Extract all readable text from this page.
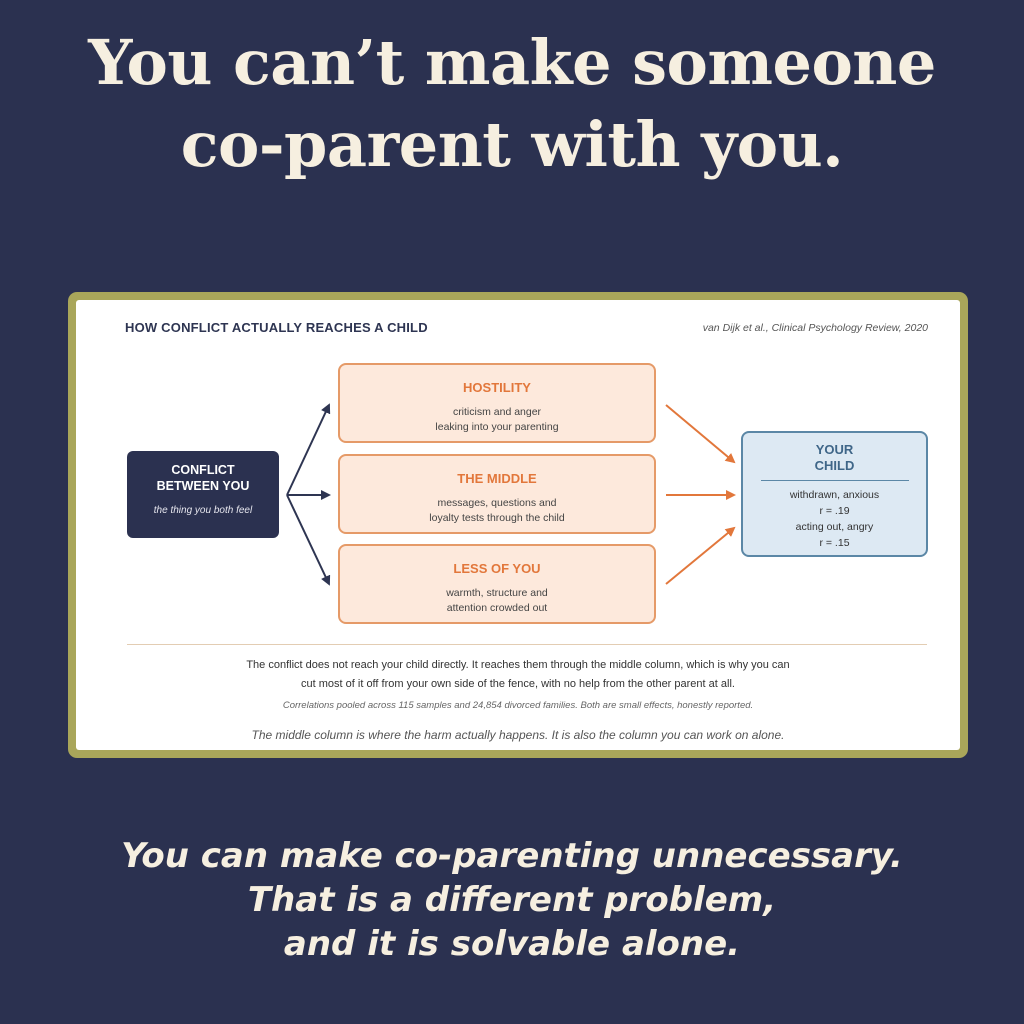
You can’t make someone
co-parent with you.
HOW CONFLICT ACTUALLY REACHES A CHILD	van Dijk et al., Clinical Psychology Review, 2020
CONFLICT
BETWEEN YOU
the thing you both feel
HOSTILITY
criticism and anger
leaking into your parenting
THE MIDDLE
messages, questions and
loyalty tests through the child
LESS OF YOU
warmth, structure and
attention crowded out
YOUR
CHILD
withdrawn, anxious
r = .19
acting out, angry
r = .15
The conflict does not reach your child directly. It reaches them through the middle column, which is why you can
cut most of it off from your own side of the fence, with no help from the other parent at all.
Correlations pooled across 115 samples and 24,854 divorced families. Both are small effects, honestly reported.
The middle column is where the harm actually happens. It is also the column you can work on alone.
You can make co-parenting unnecessary.
That is a different problem,
and it is solvable alone.
